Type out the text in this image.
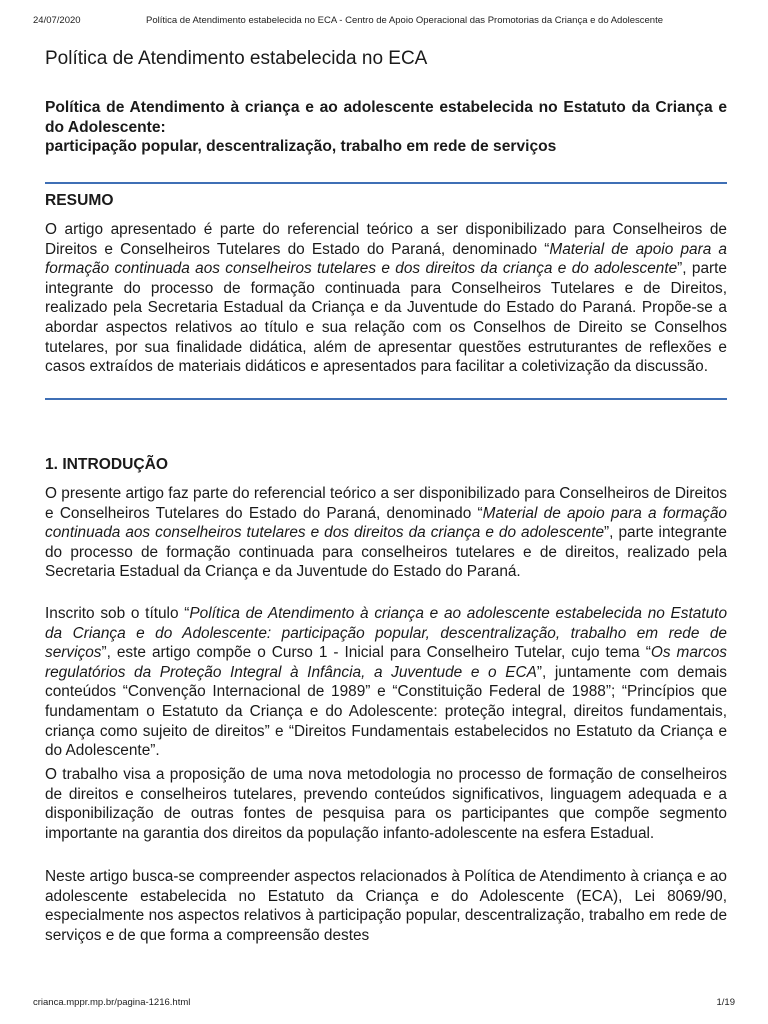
24/07/2020	Política de Atendimento estabelecida no ECA - Centro de Apoio Operacional das Promotorias da Criança e do Adolescente
Política de Atendimento estabelecida no ECA
Política de Atendimento à criança e ao adolescente estabelecida no Estatuto da Criança e do Adolescente:
participação popular, descentralização, trabalho em rede de serviços
RESUMO

O artigo apresentado é parte do referencial teórico a ser disponibilizado para Conselheiros de Direitos e Conselheiros Tutelares do Estado do Paraná, denominado “Material de apoio para a formação continuada aos conselheiros tutelares e dos direitos da criança e do adolescente”, parte integrante do processo de formação continuada para Conselheiros Tutelares e de Direitos, realizado pela Secretaria Estadual da Criança e da Juventude do Estado do Paraná. Propõe-se a abordar aspectos relativos ao título e sua relação com os Conselhos de Direito se Conselhos tutelares, por sua finalidade didática, além de apresentar questões estruturantes de reflexões e casos extraídos de materiais didáticos e apresentados para facilitar a coletivização da discussão.

1. INTRODUÇÃO

O presente artigo faz parte do referencial teórico a ser disponibilizado para Conselheiros de Direitos e Conselheiros Tutelares do Estado do Paraná, denominado “Material de apoio para a formação continuada aos conselheiros tutelares e dos direitos da criança e do adolescente”, parte integrante do processo de formação continuada para conselheiros tutelares e de direitos, realizado pela Secretaria Estadual da Criança e da Juventude do Estado do Paraná.

Inscrito sob o título “Política de Atendimento à criança e ao adolescente estabelecida no Estatuto da Criança e do Adolescente: participação popular, descentralização, trabalho em rede de serviços”, este artigo compõe o Curso 1 - Inicial para Conselheiro Tutelar, cujo tema “Os marcos regulatórios da Proteção Integral à Infância, a Juventude e o ECA”, juntamente com demais conteúdos “Convenção Internacional de 1989” e “Constituição Federal de 1988”; “Princípios que fundamentam o Estatuto da Criança e do Adolescente: proteção integral, direitos fundamentais, criança como sujeito de direitos” e “Direitos Fundamentais estabelecidos no Estatuto da Criança e do Adolescente”.

O trabalho visa a proposição de uma nova metodologia no processo de formação de conselheiros de direitos e conselheiros tutelares, prevendo conteúdos significativos, linguagem adequada e a disponibilização de outras fontes de pesquisa para os participantes que compõe segmento importante na garantia dos direitos da população infanto-adolescente na esfera Estadual.

Neste artigo busca-se compreender aspectos relacionados à Política de Atendimento à criança e ao adolescente estabelecida no Estatuto da Criança e do Adolescente (ECA), Lei 8069/90, especialmente nos aspectos relativos à participação popular, descentralização, trabalho em rede de serviços e de que forma a compreensão destes

crianca.mppr.mp.br/pagina-1216.html	1/19
